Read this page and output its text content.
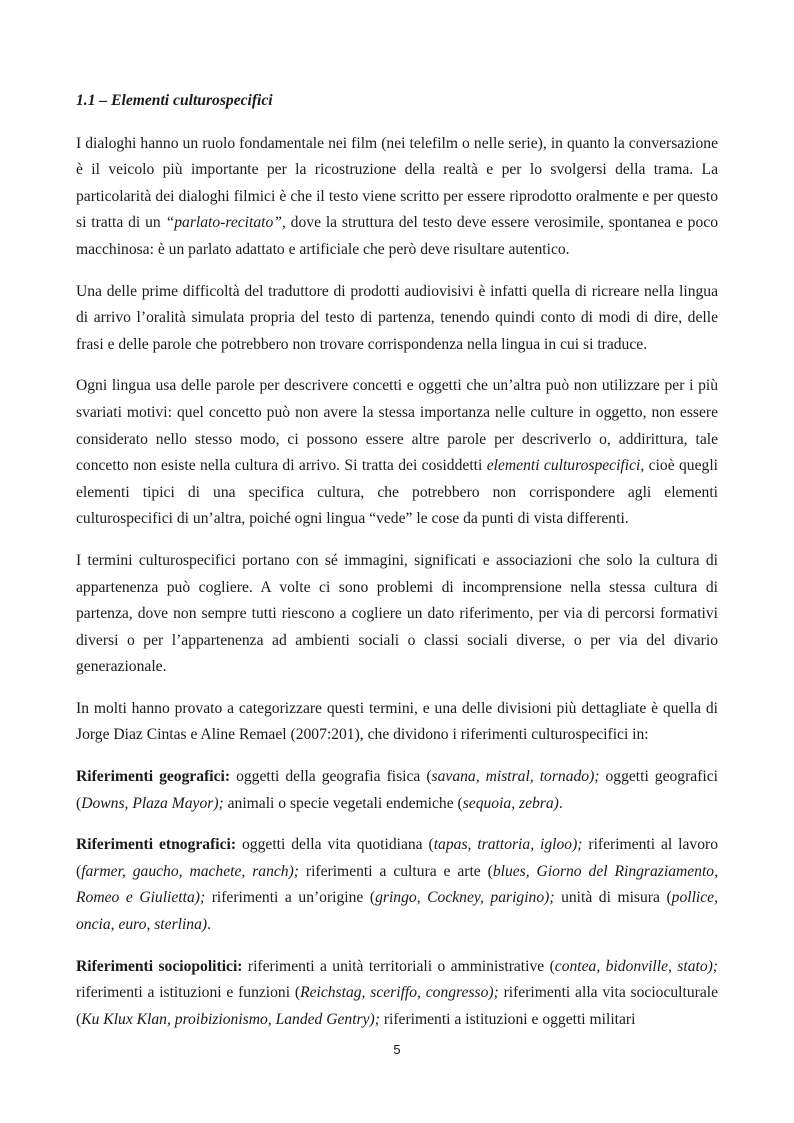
1.1 – Elementi culturospecifici

I dialoghi hanno un ruolo fondamentale nei film (nei telefilm o nelle serie), in quanto la conversazione è il veicolo più importante per la ricostruzione della realtà e per lo svolgersi della trama. La particolarità dei dialoghi filmici è che il testo viene scritto per essere riprodotto oralmente e per questo si tratta di un “parlato-recitato”, dove la struttura del testo deve essere verosimile, spontanea e poco macchinosa: è un parlato adattato e artificiale che però deve risultare autentico.

Una delle prime difficoltà del traduttore di prodotti audiovisivi è infatti quella di ricreare nella lingua di arrivo l’oralità simulata propria del testo di partenza, tenendo quindi conto di modi di dire, delle frasi e delle parole che potrebbero non trovare corrispondenza nella lingua in cui si traduce.

Ogni lingua usa delle parole per descrivere concetti e oggetti che un’altra può non utilizzare per i più svariati motivi: quel concetto può non avere la stessa importanza nelle culture in oggetto, non essere considerato nello stesso modo, ci possono essere altre parole per descriverlo o, addirittura, tale concetto non esiste nella cultura di arrivo. Si tratta dei cosiddetti elementi culturospecifici, cioè quegli elementi tipici di una specifica cultura, che potrebbero non corrispondere agli elementi culturospecifici di un’altra, poiché ogni lingua “vede” le cose da punti di vista differenti.

I termini culturospecifici portano con sé immagini, significati e associazioni che solo la cultura di appartenenza può cogliere. A volte ci sono problemi di incomprensione nella stessa cultura di partenza, dove non sempre tutti riescono a cogliere un dato riferimento, per via di percorsi formativi diversi o per l’appartenenza ad ambienti sociali o classi sociali diverse, o per via del divario generazionale.

In molti hanno provato a categorizzare questi termini, e una delle divisioni più dettagliate è quella di Jorge Diaz Cintas e Aline Remael (2007:201), che dividono i riferimenti culturospecifici in:

Riferimenti geografici: oggetti della geografia fisica (savana, mistral, tornado); oggetti geografici (Downs, Plaza Mayor); animali o specie vegetali endemiche (sequoia, zebra).

Riferimenti etnografici: oggetti della vita quotidiana (tapas, trattoria, igloo); riferimenti al lavoro (farmer, gaucho, machete, ranch); riferimenti a cultura e arte (blues, Giorno del Ringraziamento, Romeo e Giulietta); riferimenti a un’origine (gringo, Cockney, parigino); unità di misura (pollice, oncia, euro, sterlina).

Riferimenti sociopolitici: riferimenti a unità territoriali o amministrative (contea, bidonville, stato); riferimenti a istituzioni e funzioni (Reichstag, sceriffo, congresso); riferimenti alla vita socioculturale (Ku Klux Klan, proibizionismo, Landed Gentry); riferimenti a istituzioni e oggetti militari

5
